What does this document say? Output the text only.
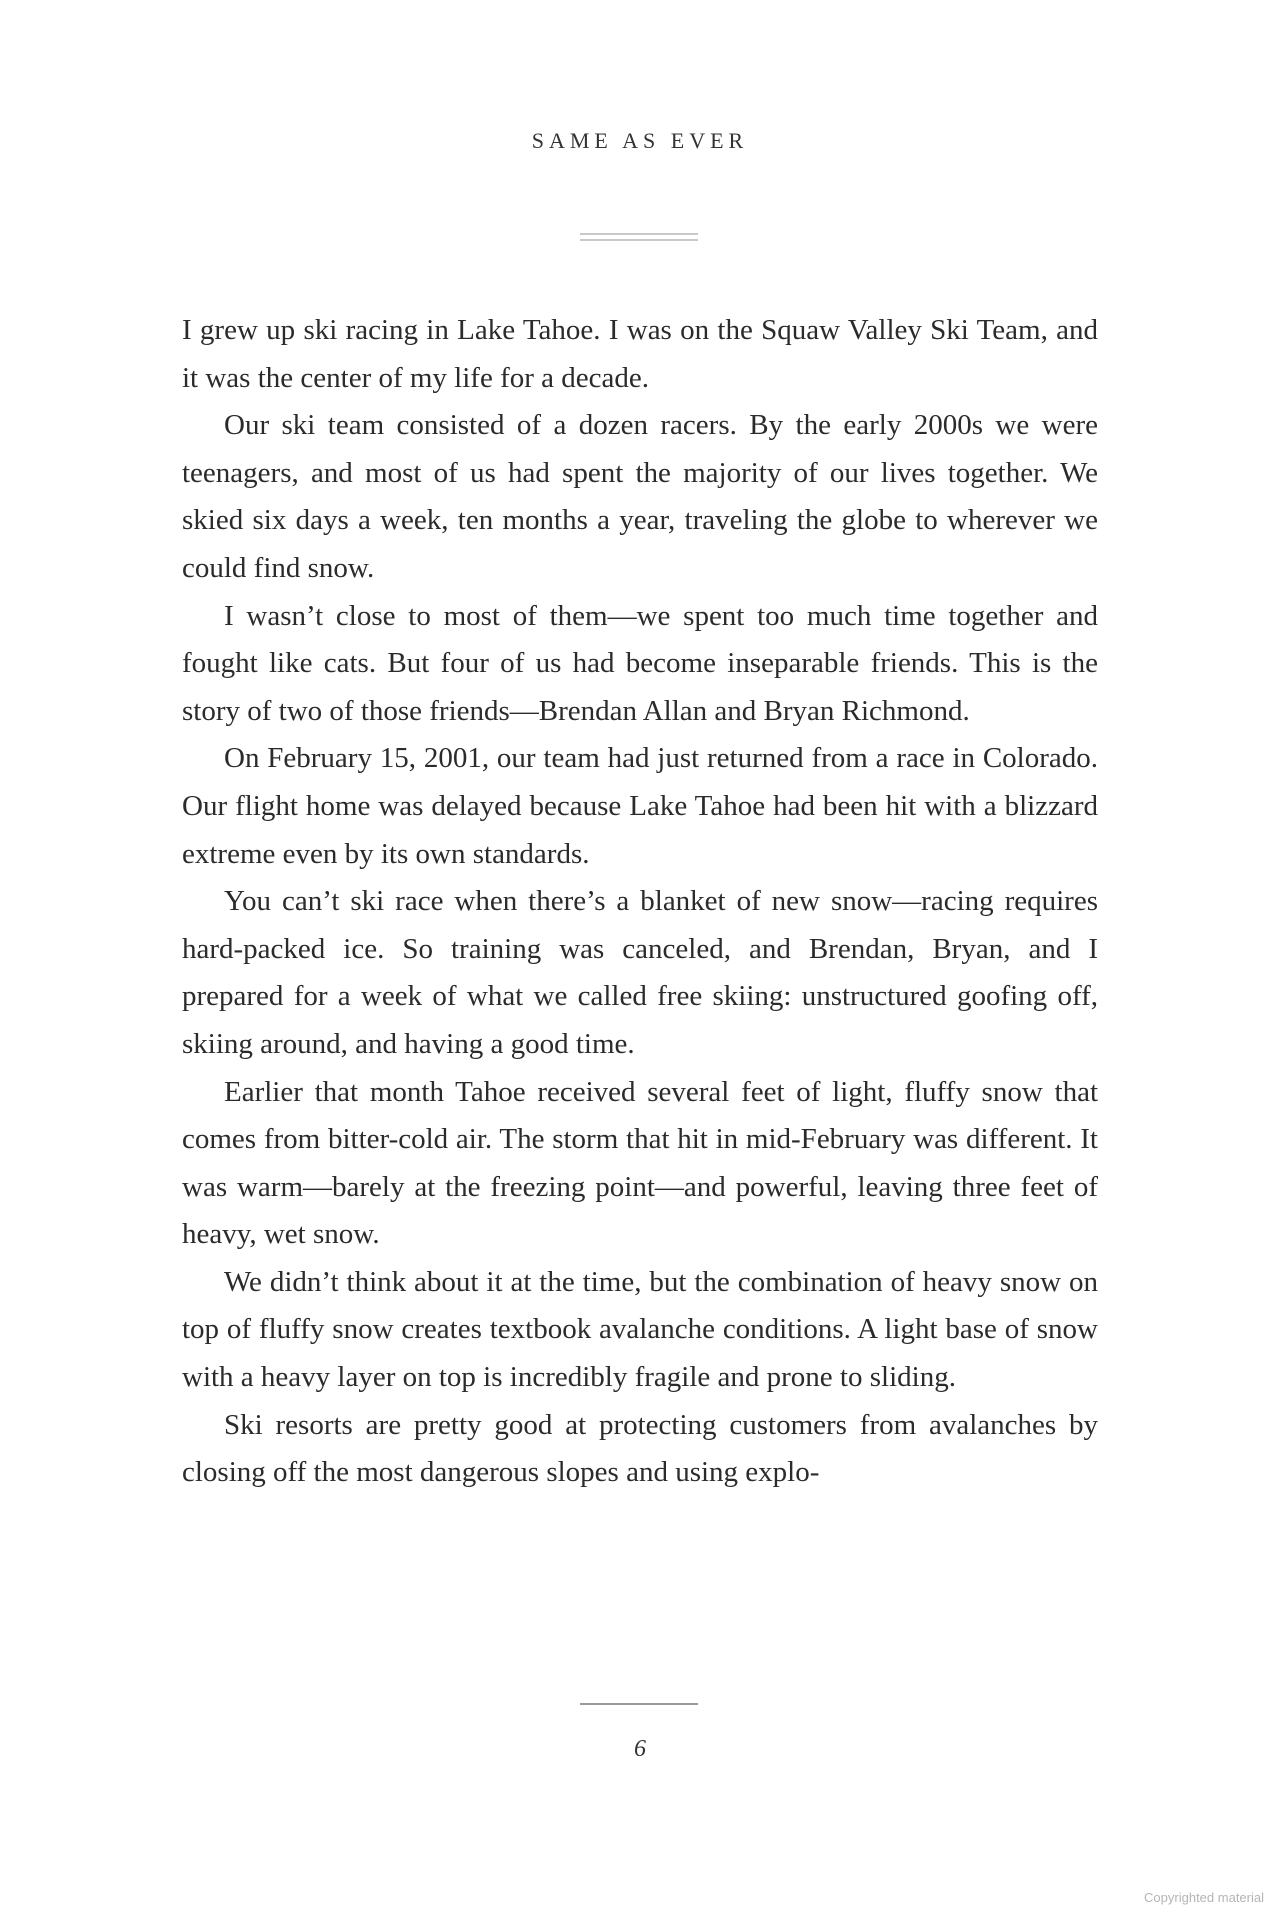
SAME AS EVER

I grew up ski racing in Lake Tahoe. I was on the Squaw Valley Ski Team, and it was the center of my life for a decade.

Our ski team consisted of a dozen racers. By the early 2000s we were teenagers, and most of us had spent the majority of our lives together. We skied six days a week, ten months a year, traveling the globe to wherever we could find snow.

I wasn’t close to most of them—we spent too much time together and fought like cats. But four of us had become inseparable friends. This is the story of two of those friends—Brendan Allan and Bryan Richmond.

On February 15, 2001, our team had just returned from a race in Colorado. Our flight home was delayed because Lake Tahoe had been hit with a blizzard extreme even by its own standards.

You can’t ski race when there’s a blanket of new snow—racing requires hard-packed ice. So training was canceled, and Brendan, Bryan, and I prepared for a week of what we called free skiing: unstructured goofing off, skiing around, and having a good time.

Earlier that month Tahoe received several feet of light, fluffy snow that comes from bitter-cold air. The storm that hit in mid-February was different. It was warm—barely at the freezing point—and powerful, leaving three feet of heavy, wet snow.

We didn’t think about it at the time, but the combination of heavy snow on top of fluffy snow creates textbook avalanche conditions. A light base of snow with a heavy layer on top is incredibly fragile and prone to sliding.

Ski resorts are pretty good at protecting customers from avalanches by closing off the most dangerous slopes and using explo-

6
Copyrighted material
